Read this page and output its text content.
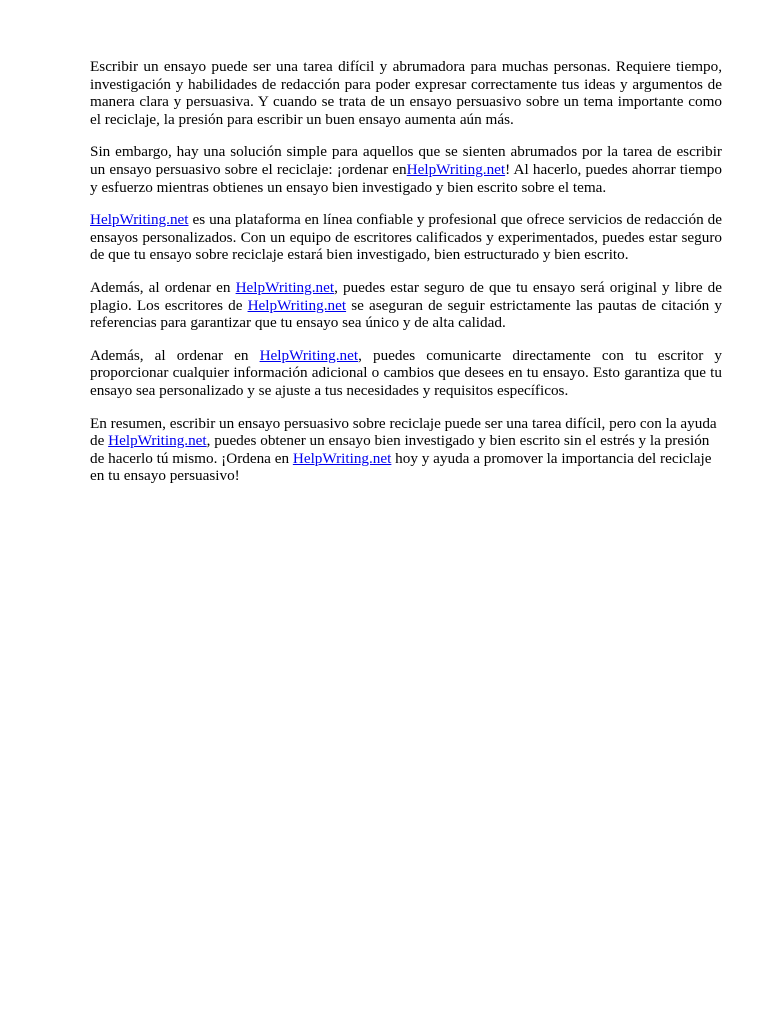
Escribir un ensayo puede ser una tarea difícil y abrumadora para muchas personas. Requiere tiempo, investigación y habilidades de redacción para poder expresar correctamente tus ideas y argumentos de manera clara y persuasiva. Y cuando se trata de un ensayo persuasivo sobre un tema importante como el reciclaje, la presión para escribir un buen ensayo aumenta aún más.

Sin embargo, hay una solución simple para aquellos que se sienten abrumados por la tarea de escribir un ensayo persuasivo sobre el reciclaje: ¡ordenar enHelpWriting.net! Al hacerlo, puedes ahorrar tiempo y esfuerzo mientras obtienes un ensayo bien investigado y bien escrito sobre el tema.

HelpWriting.net es una plataforma en línea confiable y profesional que ofrece servicios de redacción de ensayos personalizados. Con un equipo de escritores calificados y experimentados, puedes estar seguro de que tu ensayo sobre reciclaje estará bien investigado, bien estructurado y bien escrito.

Además, al ordenar en HelpWriting.net, puedes estar seguro de que tu ensayo será original y libre de plagio. Los escritores de HelpWriting.net se aseguran de seguir estrictamente las pautas de citación y referencias para garantizar que tu ensayo sea único y de alta calidad.

Además, al ordenar en HelpWriting.net, puedes comunicarte directamente con tu escritor y proporcionar cualquier información adicional o cambios que desees en tu ensayo. Esto garantiza que tu ensayo sea personalizado y se ajuste a tus necesidades y requisitos específicos.

En resumen, escribir un ensayo persuasivo sobre reciclaje puede ser una tarea difícil, pero con la ayuda de HelpWriting.net, puedes obtener un ensayo bien investigado y bien escrito sin el estrés y la presión de hacerlo tú mismo. ¡Ordena en HelpWriting.net hoy y ayuda a promover la importancia del reciclaje en tu ensayo persuasivo!
